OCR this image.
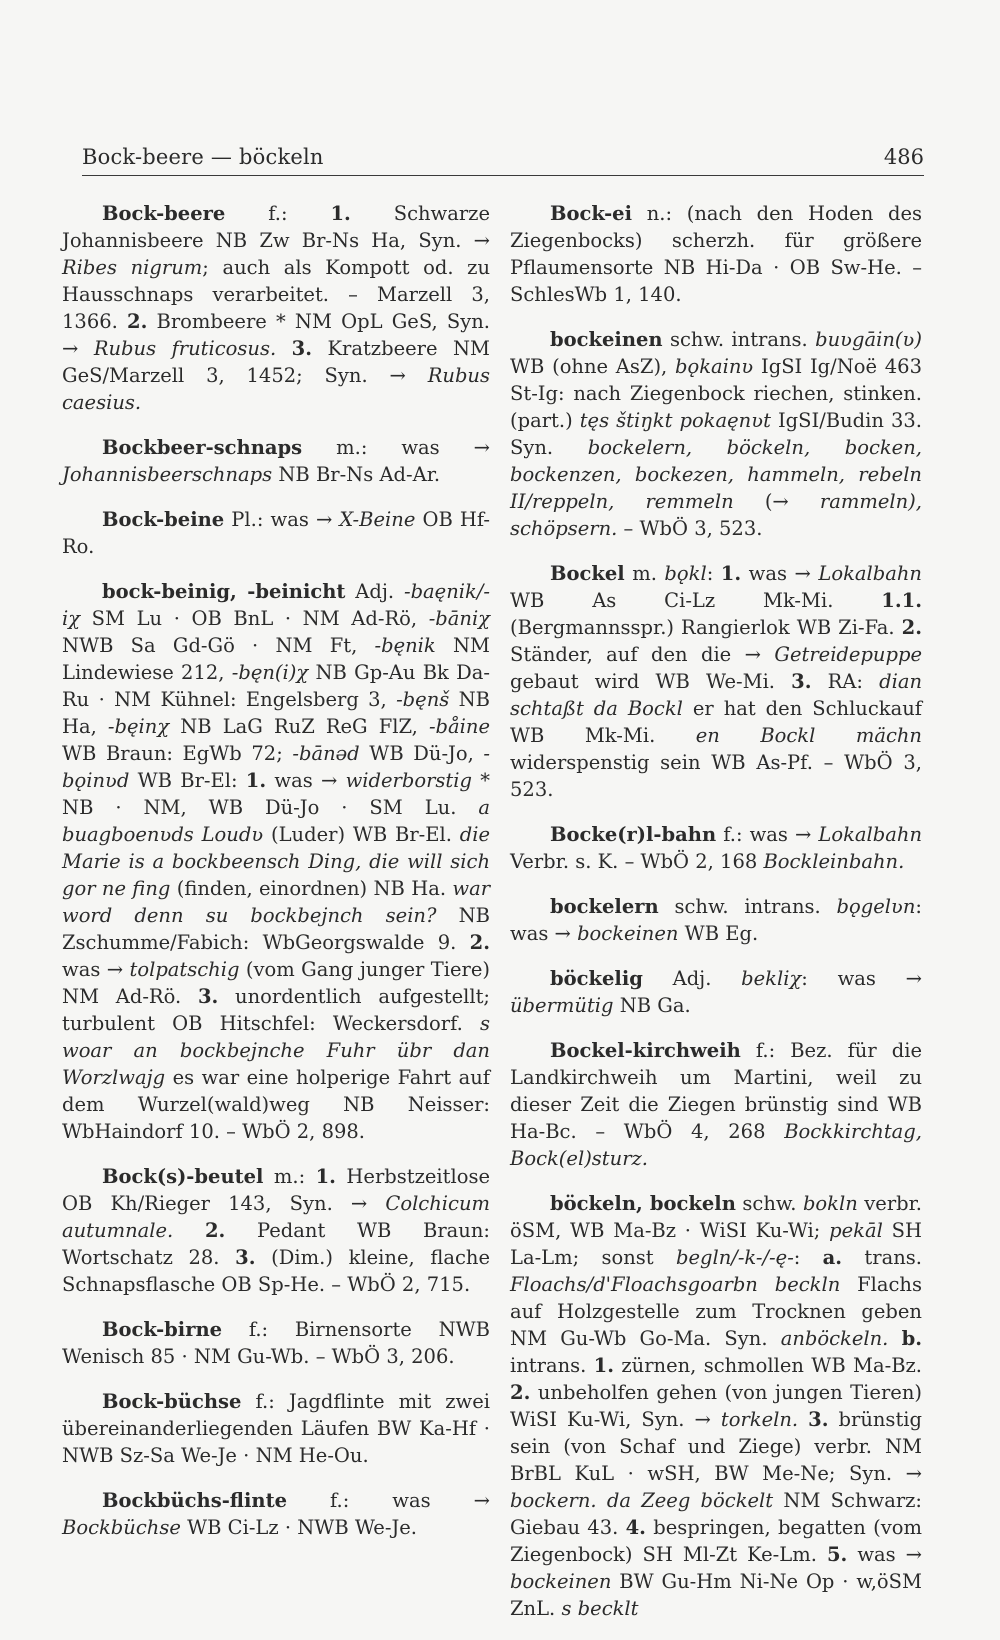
Bock-beere — böckeln	486

Bock-beere f.: 1. Schwarze Johannisbeere NB Zw Br-Ns Ha, Syn. → Ribes nigrum; auch als Kompott od. zu Hausschnaps verarbeitet. – Marzell 3, 1366. 2. Brombeere * NM OpL GeS, Syn. → Rubus fruticosus. 3. Kratzbeere NM GeS/Marzell 3, 1452; Syn. → Rubus caesius.

Bockbeer-schnaps m.: was → Johannisbeerschnaps NB Br-Ns Ad-Ar.

Bock-beine Pl.: was → X-Beine OB Hf-Ro.

bock-beinig, -beinicht Adj. -baęnik/-iχ SM Lu · OB BnL · NM Ad-Rö, -bāniχ NWB Sa Gd-Gö · NM Ft, -bęnik NM Lindewiese 212, -bęn(i)χ NB Gp-Au Bk Da-Ru · NM Kühnel: Engelsberg 3, -bęnš NB Ha, -bęinχ NB LaG RuZ ReG FlZ, -båine WB Braun: EgWb 72; -bānəd WB Dü-Jo, -bǫinʋd WB Br-El: 1. was → widerborstig * NB · NM, WB Dü-Jo · SM Lu. a buagboenʋds Loudʋ (Luder) WB Br-El. die Marie is a bockbeensch Ding, die will sich gor ne fing (finden, einordnen) NB Ha. war word denn su bockbejnch sein? NB Zschumme/Fabich: WbGeorgswalde 9. 2. was → tolpatschig (vom Gang junger Tiere) NM Ad-Rö. 3. unordentlich aufgestellt; turbulent OB Hitschfel: Weckersdorf. s woar an bockbejnche Fuhr übr dan Worzlwajg es war eine holperige Fahrt auf dem Wurzel(wald)weg NB Neisser: WbHaindorf 10. – WbÖ 2, 898.

Bock(s)-beutel m.: 1. Herbstzeitlose OB Kh/Rieger 143, Syn. → Colchicum autumnale. 2. Pedant WB Braun: Wortschatz 28. 3. (Dim.) kleine, flache Schnapsflasche OB Sp-He. – WbÖ 2, 715.

Bock-birne f.: Birnensorte NWB Wenisch 85 · NM Gu-Wb. – WbÖ 3, 206.

Bock-büchse f.: Jagdflinte mit zwei übereinanderliegenden Läufen BW Ka-Hf · NWB Sz-Sa We-Je · NM He-Ou.

Bockbüchs-flinte f.: was → Bockbüchse WB Ci-Lz · NWB We-Je.

Bock-ei n.: (nach den Hoden des Ziegenbocks) scherzh. für größere Pflaumensorte NB Hi-Da · OB Sw-He. – SchlesWb 1, 140.

bockeinen schw. intrans. buʋgāin(ʋ) WB (ohne AsZ), bǫkainʋ IgSI Ig/Noë 463 St-Ig: nach Ziegenbock riechen, stinken. (part.) tęs štiŋkt pokaęnʋt IgSI/Budin 33. Syn. bockelern, böckeln, bocken, bockenzen, bockezen, hammeln, rebeln II/reppeln, remmeln (→ rammeln), schöpsern. – WbÖ 3, 523.

Bockel m. bǫkl: 1. was → Lokalbahn WB As Ci-Lz Mk-Mi. 1.1. (Bergmannsspr.) Rangierlok WB Zi-Fa. 2. Ständer, auf den die → Getreidepuppe gebaut wird WB We-Mi. 3. RA: dian schtaßt da Bockl er hat den Schluckauf WB Mk-Mi. en Bockl mächn widerspenstig sein WB As-Pf. – WbÖ 3, 523.

Bocke(r)l-bahn f.: was → Lokalbahn Verbr. s. K. – WbÖ 2, 168 Bockleinbahn.

bockelern schw. intrans. bǫgelʋn: was → bockeinen WB Eg.

böckelig Adj. bekliχ: was → übermütig NB Ga.

Bockel-kirchweih f.: Bez. für die Landkirchweih um Martini, weil zu dieser Zeit die Ziegen brünstig sind WB Ha-Bc. – WbÖ 4, 268 Bockkirchtag, Bock(el)sturz.

böckeln, bockeln schw. bokln verbr. öSM, WB Ma-Bz · WiSI Ku-Wi; pekāl SH La-Lm; sonst begln/-k-/-ę-: a. trans. Floachs/d'Floachsgoarbn beckln Flachs auf Holzgestelle zum Trocknen geben NM Gu-Wb Go-Ma. Syn. anböckeln. b. intrans. 1. zürnen, schmollen WB Ma-Bz. 2. unbeholfen gehen (von jungen Tieren) WiSI Ku-Wi, Syn. → torkeln. 3. brünstig sein (von Schaf und Ziege) verbr. NM BrBL KuL · wSH, BW Me-Ne; Syn. → bockern. da Zeeg böckelt NM Schwarz: Giebau 43. 4. bespringen, begatten (vom Ziegenbock) SH Ml-Zt Ke-Lm. 5. was → bockeinen BW Gu-Hm Ni-Ne Op · w,öSM ZnL. s becklt
